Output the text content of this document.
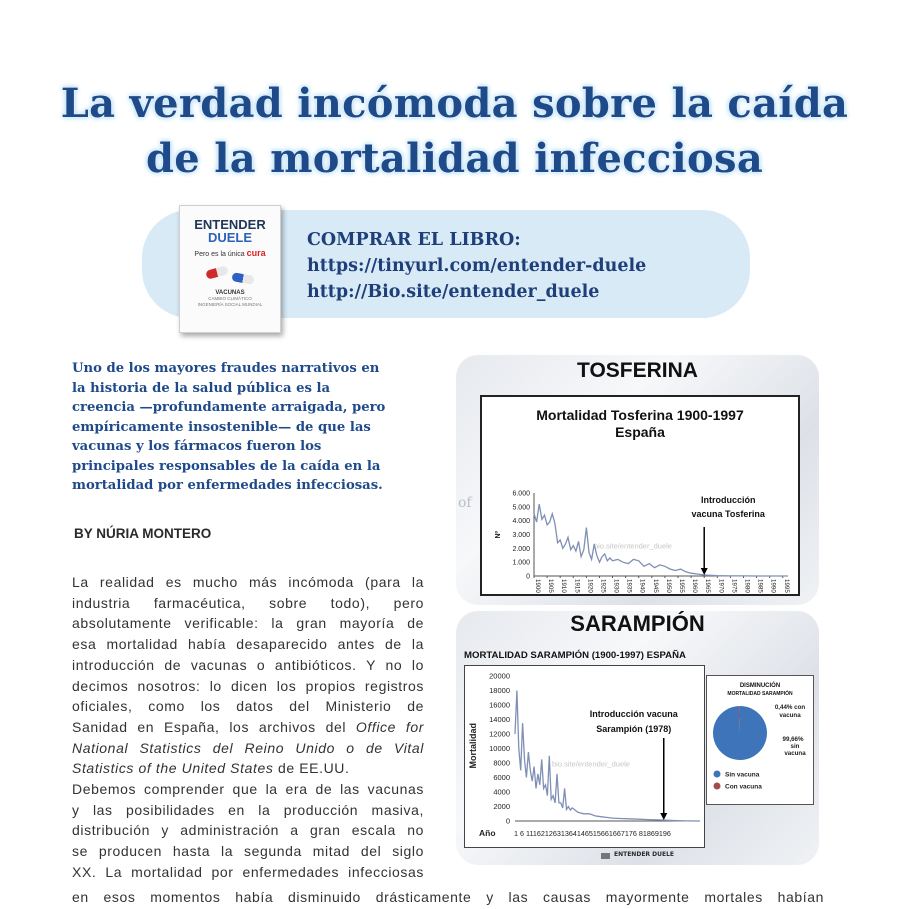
La verdad incómoda sobre la caída
de la mortalidad infecciosa
ENTENDER
DUELE
Pero es la única cura
VACUNAS
CAMBIO CLIMÁTICO
INGENIERÍA SOCIAL MUNDIAL
COMPRAR EL LIBRO:
https://tinyurl.com/entender-duele
http://Bio.site/entender_duele
Uno de los mayores fraudes narrativos en
la historia de la salud pública es la
creencia —profundamente arraigada, pero
empíricamente insostenible— de que las
vacunas y los fármacos fueron los
principales responsables de la caída en la
mortalidad por enfermedades infecciosas.
BY NÚRIA MONTERO
La realidad es mucho más incómoda (para la
industria farmacéutica, sobre todo), pero
absolutamente verificable: la gran mayoría de
esa mortalidad había desaparecido antes de la
introducción de vacunas o antibióticos. Y no lo
decimos nosotros: lo dicen los propios registros
oficiales, como los datos del Ministerio de
Sanidad en España, los archivos del Office for
National Statistics del Reino Unido o de Vital
Statistics of the United States de EE.UU.
Debemos comprender que la era de las vacunas
y las posibilidades en la producción masiva,
distribución y administración a gran escala no
se producen hasta la segunda mitad del siglo
XX. La mortalidad por enfermedades infecciosas
en esos momentos había disminuido drásticamente y las causas mayormente mortales habían
of
TOSFERINA
Mortalidad Tosferina 1900-1997
España
0
1.000
2.000
3.000
4.000
5.000
6.000
1900 1905 1910 1915 1920 1925 1930 1935 1940 1945 1950 1955 1960 1965 1970 1975 1980 1985 1990 1995
Nº
bio.site/entender_duele
Introducción
vacuna Tosferina
SARAMPIÓN
MORTALIDAD SARAMPIÓN (1900-1997) ESPAÑA
0
2000
4000
6000
8000
10000
12000
14000
16000
18000
20000
Mortalidad
Año	1 6 1116212631364146515661667176 81869196
bio.site/entender_duele
Introducción vacuna
Sarampión (1978)
DISMINUCIÓN
MORTALIDAD SARAMPIÓN
0,44% con
vacuna
99,66%
sin
vacuna
Sin vacuna
Con vacuna
ENTENDER DUELE
